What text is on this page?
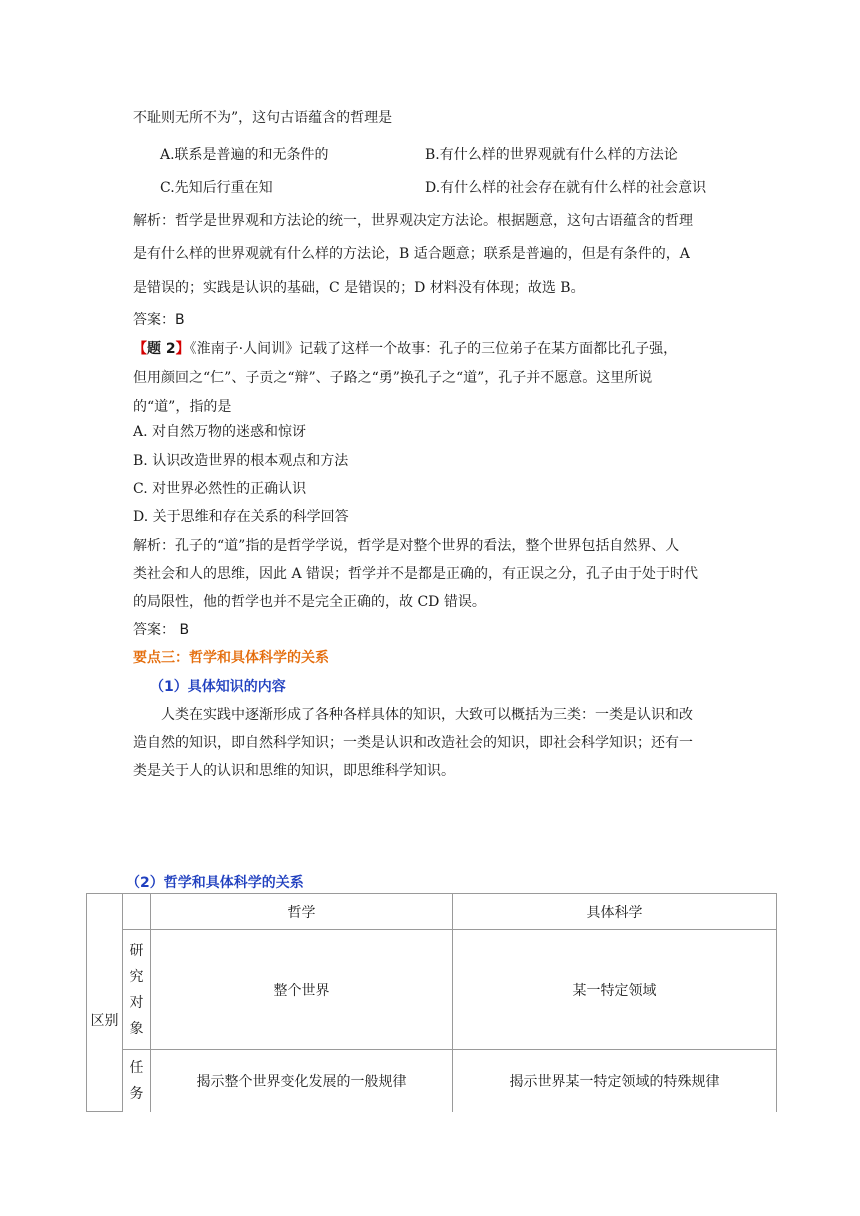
不耻则无所不为”，这句古语蕴含的哲理是
A.联系是普遍的和无条件的	B.有什么样的世界观就有什么样的方法论
C.先知后行重在知	D.有什么样的社会存在就有什么样的社会意识
解析：哲学是世界观和方法论的统一，世界观决定方法论。根据题意，这句古语蕴含的哲理
是有什么样的世界观就有什么样的方法论，B 适合题意；联系是普遍的，但是有条件的，A
是错误的；实践是认识的基础，C 是错误的；D 材料没有体现；故选 B。
答案：B
【题 2】《淮南子·人间训》记载了这样一个故事：孔子的三位弟子在某方面都比孔子强，
但用颜回之“仁”、子贡之“辩”、子路之“勇”换孔子之“道”，孔子并不愿意。这里所说
的“道”，指的是
A. 对自然万物的迷惑和惊讶
B. 认识改造世界的根本观点和方法
C. 对世界必然性的正确认识
D. 关于思维和存在关系的科学回答
解析：孔子的“道”指的是哲学学说，哲学是对整个世界的看法，整个世界包括自然界、人
类社会和人的思维，因此 A 错误；哲学并不是都是正确的，有正误之分，孔子由于处于时代
的局限性，他的哲学也并不是完全正确的，故 CD 错误。
答案： B
要点三：哲学和具体科学的关系
（1）具体知识的内容
人类在实践中逐渐形成了各种各样具体的知识，大致可以概括为三类：一类是认识和改
造自然的知识，即自然科学知识；一类是认识和改造社会的知识，即社会科学知识；还有一
类是关于人的认识和思维的知识，即思维科学知识。
（2）哲学和具体科学的关系
		哲学	具体科学
区别	研
究
对
象	整个世界	某一特定领域
	任
务	揭示整个世界变化发展的一般规律	揭示世界某一特定领域的特殊规律
